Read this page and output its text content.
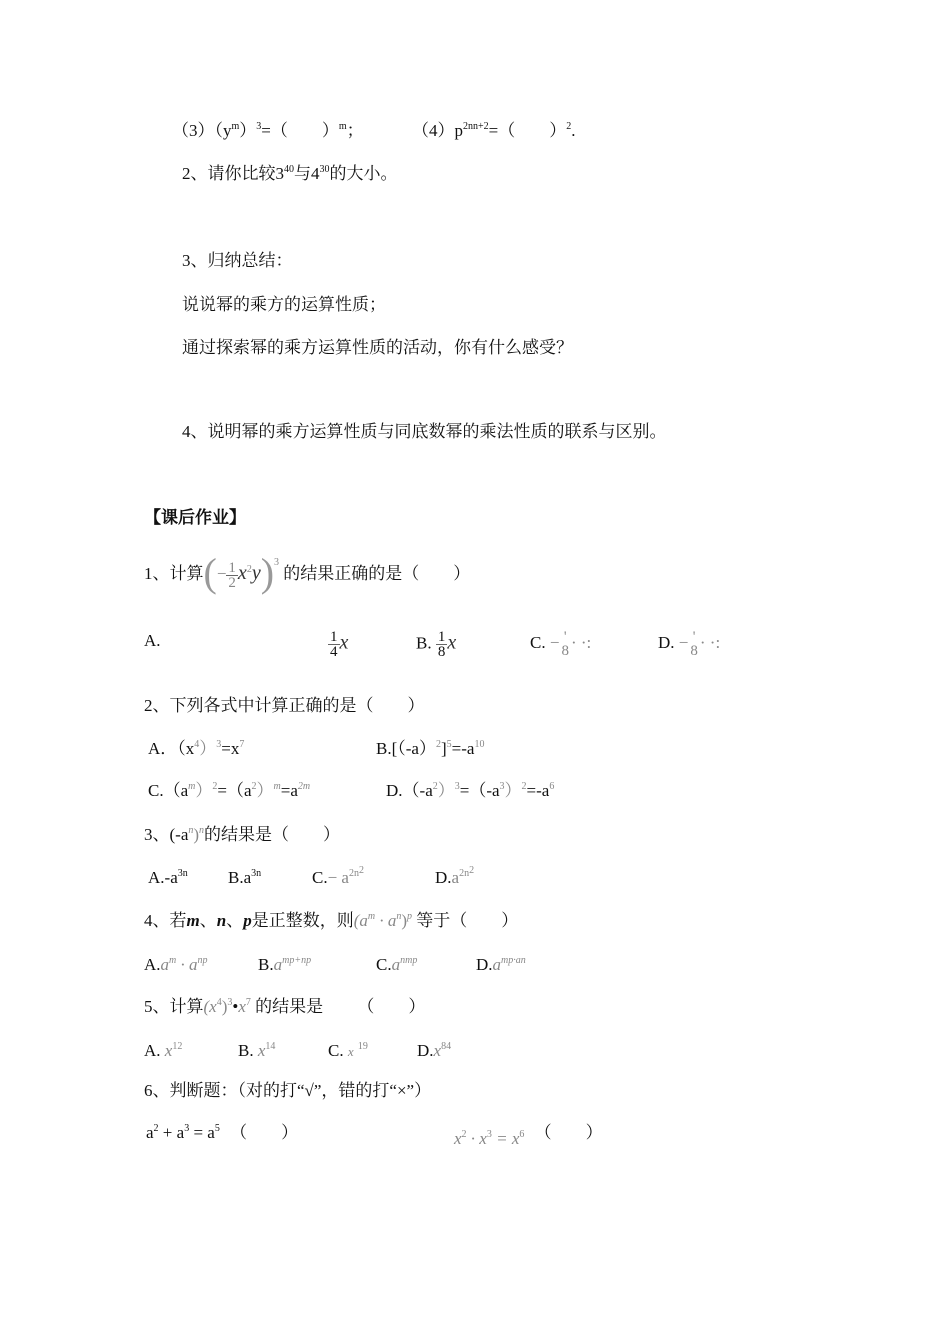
$(3)(y^m)^3=$（　　）$^m$；	$(4)p^{2nn+2}=$（　　）$^2$.
2、请你比较$3^{40}$与$4^{30}$的大小。
3、归纳总结：
说说幂的乘方的运算性质；
通过探索幂的乘方运算性质的活动，你有什么感受？
4、说明幂的乘方运算性质与同底数幂的乘法性质的联系与区别。
【课后作业】
1、计算(− $\frac{1}{2} x^2y)^3$ 的结果正确的是（　　）
A.	$\frac{1}{4}$ x	B. $\frac{1}{8}$ x	C. − '
8 · ·:	D. − '
8 · ·:
2、下列各式中计算正确的是（　　）
A．$(x^4)^3=x^7$	$B.[(-a)^2]^5=-a^{10}$
$C.(a^m)^2=(a^2)^m=a^{2m}$	$D.(-a^2)^3=(-a^3)^2=-a^6$
3、$(-a^n)^n$的结果是（　　）
$A.-a^{3n}$ $B.a^{3n}$	$C.- a^{2n2}$	$D.a^{2n2}$
4、若m、n、p是正整数，则$(a^m \cdot a^n)^p$ 等于（　　）
$A.a^m \cdot a^{np}$	$B.a^{mp+np}$	$C.a^{nmp}$	$D.a^{mp\cdot an}$
5、计算$(x^4)^3•x^7$ 的结果是 （　　）
A. $x^{12}$	B. $x^{14}$	C. x $^{19}$	$D.x^{84}$
6、判断题：（对的打“√”，错的打“×”）
$a^2 + a^3 = a^5$ （　　）	$x^2 \cdot x^3 = x^6$ （　　）
